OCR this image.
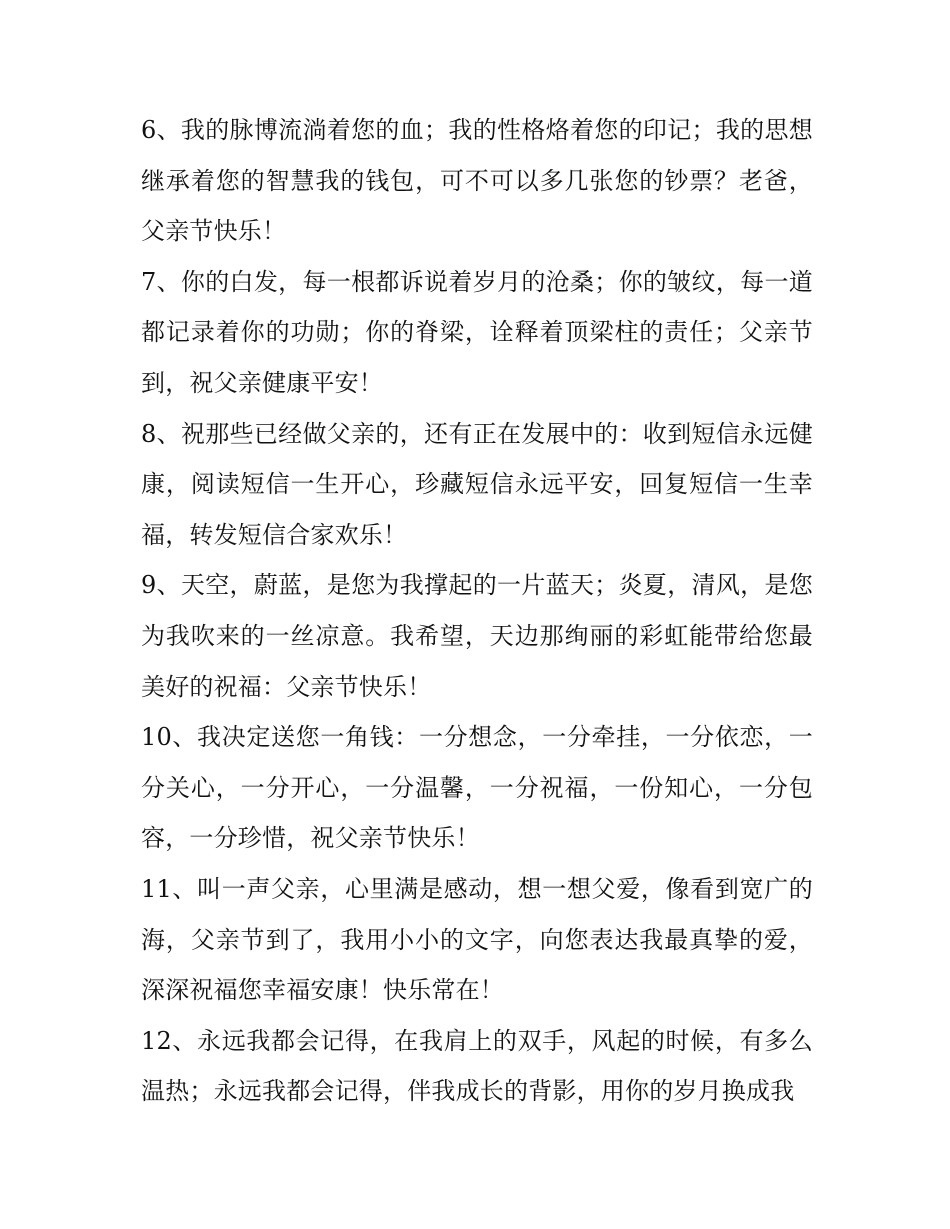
6、我的脉博流淌着您的血；我的性格烙着您的印记；我的思想继承着您的智慧我的钱包，可不可以多几张您的钞票？老爸，父亲节快乐！

7、你的白发，每一根都诉说着岁月的沧桑；你的皱纹，每一道都记录着你的功勋；你的脊梁，诠释着顶梁柱的责任；父亲节到，祝父亲健康平安！

8、祝那些已经做父亲的，还有正在发展中的：收到短信永远健康，阅读短信一生开心，珍藏短信永远平安，回复短信一生幸福，转发短信合家欢乐！

9、天空，蔚蓝，是您为我撑起的一片蓝天；炎夏，清风，是您为我吹来的一丝凉意。我希望，天边那绚丽的彩虹能带给您最美好的祝福：父亲节快乐！

10、我决定送您一角钱：一分想念，一分牵挂，一分依恋，一分关心，一分开心，一分温馨，一分祝福，一份知心，一分包容，一分珍惜，祝父亲节快乐！

11、叫一声父亲，心里满是感动，想一想父爱，像看到宽广的海，父亲节到了，我用小小的文字，向您表达我最真挚的爱，深深祝福您幸福安康！快乐常在！

12、永远我都会记得，在我肩上的双手，风起的时候，有多么温热；永远我都会记得，伴我成长的背影，用你的岁月换成我
